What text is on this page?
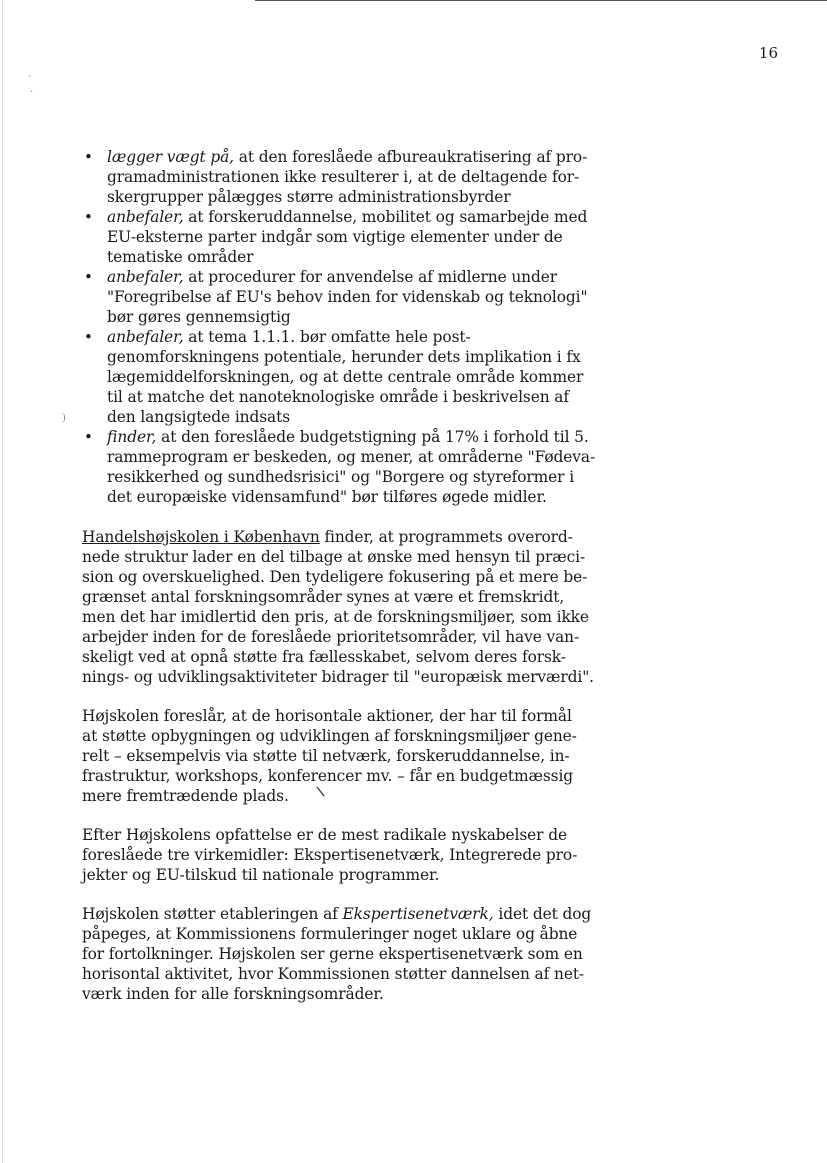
-
·
)
16
• lægger vægt på, at den foreslåede afbureaukratisering af pro-
gramadministrationen ikke resulterer i, at de deltagende for-
skergrupper pålægges større administrationsbyrder
• anbefaler, at forskeruddannelse, mobilitet og samarbejde med
EU-eksterne parter indgår som vigtige elementer under de
tematiske områder
• anbefaler, at procedurer for anvendelse af midlerne under
"Foregribelse af EU's behov inden for videnskab og teknologi"
bør gøres gennemsigtig
• anbefaler, at tema 1.1.1. bør omfatte hele post-
genomforskningens potentiale, herunder dets implikation i fx
lægemiddelforskningen, og at dette centrale område kommer
til at matche det nanoteknologiske område i beskrivelsen af
den langsigtede indsats
• finder, at den foreslåede budgetstigning på 17% i forhold til 5.
rammeprogram er beskeden, og mener, at områderne "Fødeva-
resikkerhed og sundhedsrisici" og "Borgere og styreformer i
det europæiske vidensamfund" bør tilføres øgede midler.

Handelshøjskolen i København finder, at programmets overord-
nede struktur lader en del tilbage at ønske med hensyn til præci-
sion og overskuelighed. Den tydeligere fokusering på et mere be-
grænset antal forskningsområder synes at være et fremskridt,
men det har imidlertid den pris, at de forskningsmiljøer, som ikke
arbejder inden for de foreslåede prioritetsområder, vil have van-
skeligt ved at opnå støtte fra fællesskabet, selvom deres forsk-
nings- og udviklingsaktiviteter bidrager til "europæisk merværdi".

Højskolen foreslår, at de horisontale aktioner, der har til formål
at støtte opbygningen og udviklingen af forskningsmiljøer gene-
relt – eksempelvis via støtte til netværk, forskeruddannelse, in-
frastruktur, workshops, konferencer mv. – får en budgetmæssig
mere fremtrædende plads.

Efter Højskolens opfattelse er de mest radikale nyskabelser de
foreslåede tre virkemidler: Ekspertisenetværk, Integrerede pro-
jekter og EU-tilskud til nationale programmer.

Højskolen støtter etableringen af Ekspertisenetværk, idet det dog
påpeges, at Kommissionens formuleringer noget uklare og åbne
for fortolkninger. Højskolen ser gerne ekspertisenetværk som en
horisontal aktivitet, hvor Kommissionen støtter dannelsen af net-
værk inden for alle forskningsområder.
